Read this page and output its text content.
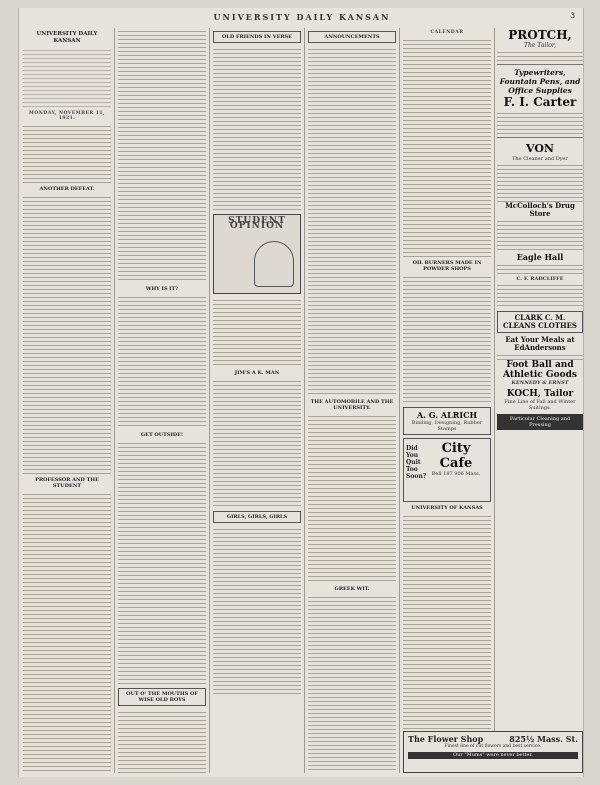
UNIVERSITY DAILY KANSAN	3
UNIVERSITY DAILY KANSAN
MONDAY, NOVEMBER 11, 1921.
ANOTHER DEFEAT.
PROFESSOR AND THE STUDENT
WHY IS IT?
GET OUTSIDE!
OUT O' THE MOUTHS OF WISE OLD BOYS
OLD FRIENDS IN VERSE
STUDENT OPINION
JIM'S A K. MAN
GIRLS, GIRLS, GIRLS
ANNOUNCEMENTS
THE AUTOMOBILE AND THE UNIVERSITY.
GREEK WIT.
CALENDAR
OIL BURNERS MADE IN POWDER SHOPS
A. G. ALRICH
Binding, Designing, Rubber Stamps
Did You Quit Too Soon?
City Cafe
Bell 187 906 Mass.
UNIVERSITY OF KANSAS
PROTCH,
The Tailor,
Typewriters, Fountain Pens, and Office Supplies
F. I. Carter
VON
The Cleaner and Dyer
McColloch's Drug Store
Eagle Hall
C. F. RADCLIFFE
CLARK C. M. CLEANS CLOTHES
Eat Your Meals at EdAndersons
Foot Ball and Athletic Goods
KENNEDY & ERNST
KOCH, Tailor
Fine Line of Fall and Winter Suitings.
Particular Cleaning and Pressing
The Flower Shop	825½ Mass. St.
Finest line of cut flowers and best service.
Our "Mums" were never better.
